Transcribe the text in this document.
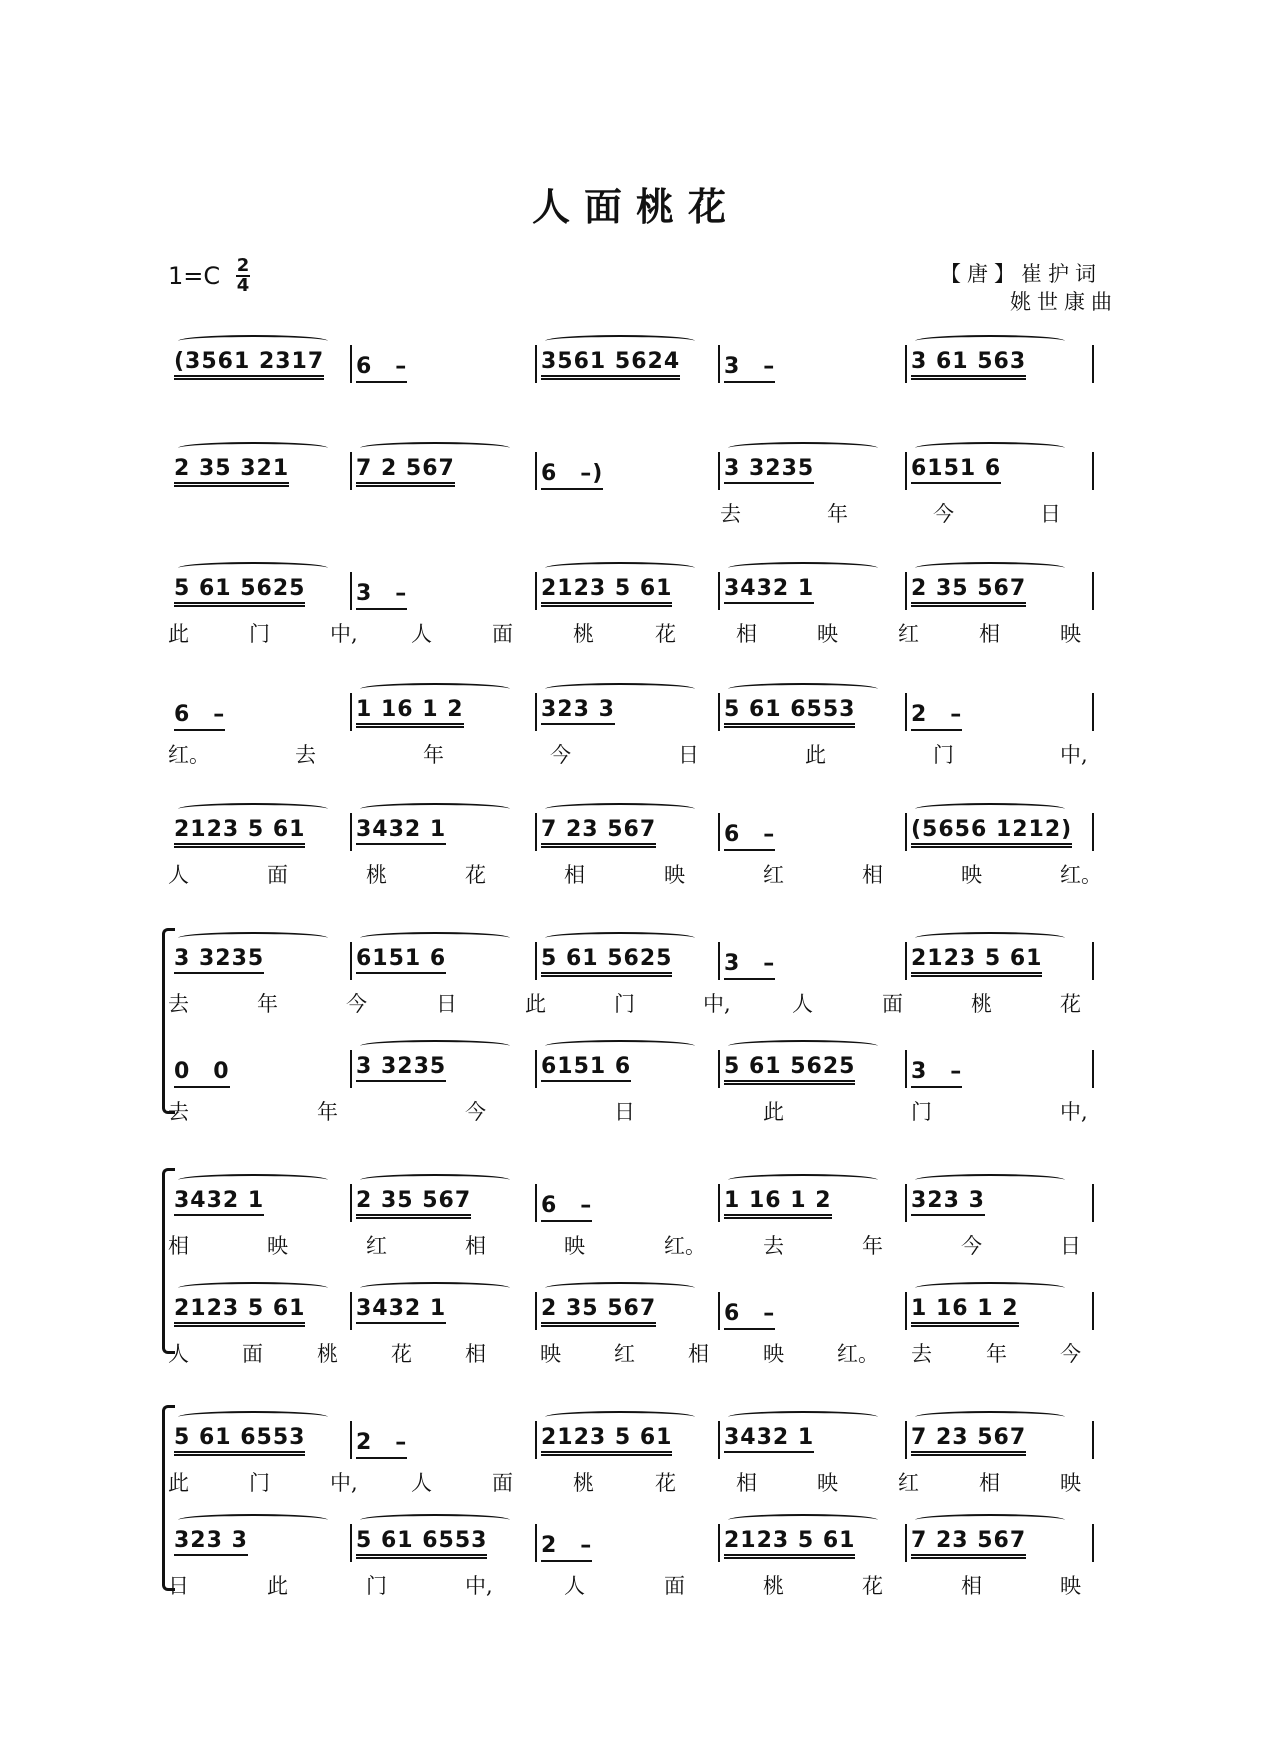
人面桃花
1=C 2
4	【唐】崔护词
姚世康曲
(3561 2317 6　–	3561 5624 3　–	3 61 563
2 35 321	7 2 567	6　–)	3 3235	6151 6
去	年	今	日
5 61 5625 3　–	2123 5 61 3432 1	2 35 567
此	门	中,	人	面	桃	花	相	映	红	相	映
6　–	1 16 1 2	323 3	5 61 6553	2　–
红。	去	年	今	日	此	门	中,
2123 5 61 3432 1	7 23 567	6　–	(5656 1212)
人	面	桃	花	相	映	红	相	映	红。
3 3235	6151 6	5 61 5625 3　–	2123 5 61
去	年	今	日	此	门	中,	人	面	桃	花
0　0	3 3235	6151 6	5 61 5625	3　–
去	年	今	日	此	门	中,
3432 1	2 35 567	6　–	1 16 1 2	323 3
相	映	红	相	映	红。	去	年	今	日
2123 5 61 3432 1	2 35 567	6　–	1 16 1 2
人	面	桃	花	相	映	红	相	映	红。 去	年	今
5 61 6553 2　–	2123 5 61 3432 1	7 23 567
此	门	中,	人	面	桃	花	相	映	红	相	映
323 3	5 61 6553 2　–	2123 5 61	7 23 567
日	此	门	中,	人	面	桃	花	相	映
